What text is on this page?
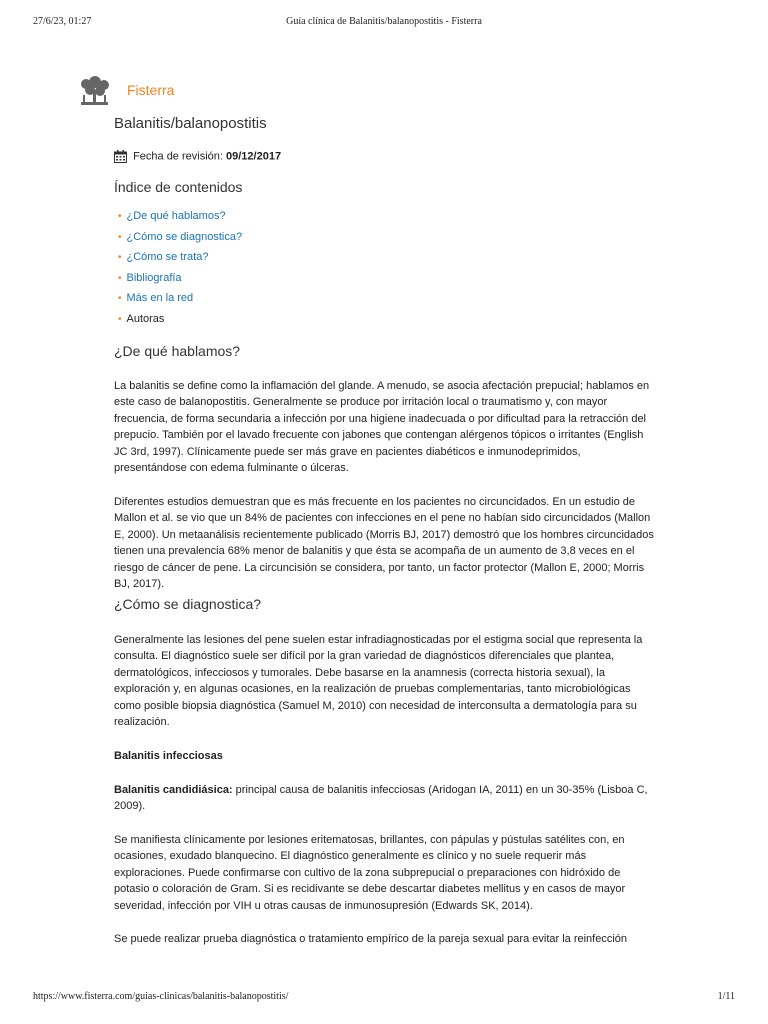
27/6/23, 01:27	Guía clínica de Balanitis/balanopostitis - Fisterra
Fisterra
Balanitis/balanopostitis
Fecha de revisión: 09/12/2017
Índice de contenidos
• ¿De qué hablamos?
• ¿Cómo se diagnostica?
• ¿Cómo se trata?
• Bibliografía
• Más en la red
• Autoras
¿De qué hablamos?

La balanitis se define como la inflamación del glande. A menudo, se asocia afectación prepucial; hablamos en este caso de balanopostitis. Generalmente se produce por irritación local o traumatismo y, con mayor frecuencia, de forma secundaria a infección por una higiene inadecuada o por dificultad para la retracción del prepucio. También por el lavado frecuente con jabones que contengan alérgenos tópicos o irritantes (English JC 3rd, 1997). Clínicamente puede ser más grave en pacientes diabéticos e inmunodeprimidos, presentándose con edema fulminante o úlceras.

Diferentes estudios demuestran que es más frecuente en los pacientes no circuncidados. En un estudio de Mallon et al. se vio que un 84% de pacientes con infecciones en el pene no habían sido circuncidados (Mallon E, 2000). Un metaanálisis recientemente publicado (Morris BJ, 2017) demostró que los hombres circuncidados tienen una prevalencia 68% menor de balanitis y que ésta se acompaña de un aumento de 3,8 veces en el riesgo de cáncer de pene. La circuncisión se considera, por tanto, un factor protector (Mallon E, 2000; Morris BJ, 2017).

¿Cómo se diagnostica?

Generalmente las lesiones del pene suelen estar infradiagnosticadas por el estigma social que representa la consulta. El diagnóstico suele ser difícil por la gran variedad de diagnósticos diferenciales que plantea, dermatológicos, infecciosos y tumorales. Debe basarse en la anamnesis (correcta historia sexual), la exploración y, en algunas ocasiones, en la realización de pruebas complementarias, tanto microbiológicas como posible biopsia diagnóstica (Samuel M, 2010) con necesidad de interconsulta a dermatología para su realización.

Balanitis infecciosas

Balanitis candidiásica: principal causa de balanitis infecciosas (Aridogan IA, 2011) en un 30-35% (Lisboa C, 2009).

Se manifiesta clínicamente por lesiones eritematosas, brillantes, con pápulas y pústulas satélites con, en ocasiones, exudado blanquecino. El diagnóstico generalmente es clínico y no suele requerir más exploraciones. Puede confirmarse con cultivo de la zona subprepucial o preparaciones con hidróxido de potasio o coloración de Gram. Si es recidivante se debe descartar diabetes mellitus y en casos de mayor severidad, infección por VIH u otras causas de inmunosupresión (Edwards SK, 2014).

Se puede realizar prueba diagnóstica o tratamiento empírico de la pareja sexual para evitar la reinfección

https://www.fisterra.com/guias-clinicas/balanitis-balanopostitis/	1/11
